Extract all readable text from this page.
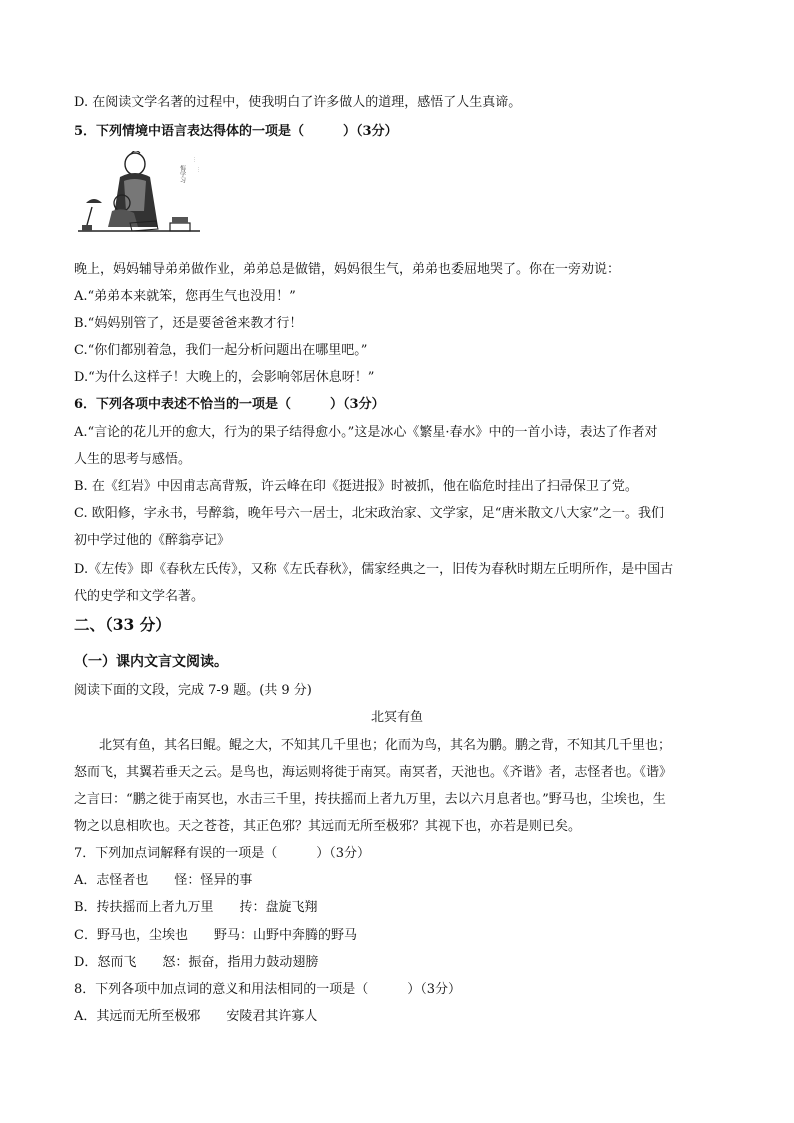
D. 在阅读文学名著的过程中，使我明白了许多做人的道理，感悟了人生真谛。
5．下列情境中语言表达得体的一项是（　　　）（3分）
悔学习
⋮
⋮
晚上，妈妈辅导弟弟做作业，弟弟总是做错，妈妈很生气，弟弟也委屈地哭了。你在一旁劝说：
A.“弟弟本来就笨，您再生气也没用！”
B.“妈妈别管了，还是要爸爸来教才行！
C.“你们都别着急，我们一起分析问题出在哪里吧。”
D.“为什么这样子！大晚上的，会影响邻居休息呀！”
6．下列各项中表述不恰当的一项是（　　　）（3分）
A.“言论的花儿开的愈大，行为的果子结得愈小。”这是冰心《繁星·春水》中的一首小诗，表达了作者对
人生的思考与感悟。
B. 在《红岩》中因甫志高背叛，许云峰在印《挺进报》时被抓，他在临危时挂出了扫帚保卫了党。
C. 欧阳修，字永书，号醉翁，晚年号六一居士，北宋政治家、文学家，足“唐米散文八大家”之一。我们
初中学过他的《醉翁亭记》
D.《左传》即《春秋左氏传》，又称《左氏春秋》，儒家经典之一，旧传为春秋时期左丘明所作，是中国古
代的史学和文学名著。
二、（33 分）
（一）课内文言文阅读。
阅读下面的文段，完成 7-9 题。(共 9 分)
北冥有鱼
北冥有鱼，其名曰鲲。鲲之大，不知其几千里也；化而为鸟，其名为鹏。鹏之背，不知其几千里也；
怒而飞，其翼若垂天之云。是鸟也，海运则将徙于南冥。南冥者，天池也。《齐谐》者，志怪者也。《谐》
之言曰：“鹏之徙于南冥也，水击三千里，抟扶摇而上者九万里，去以六月息者也。”野马也，尘埃也，生
物之以息相吹也。天之苍苍，其正色邪？其远而无所至极邪？其视下也，亦若是则已矣。
7．下列加点词解释有误的一项是（　　　）（3分）
A．志怪者也　　怪：怪异的事
B．抟扶摇而上者九万里　　抟：盘旋飞翔
C．野马也，尘埃也　　野马：山野中奔腾的野马
D．怒而飞　　怒：振奋，指用力鼓动翅膀
8．下列各项中加点词的意义和用法相同的一项是（　　　）（3分）
A．其远而无所至极邪　　安陵君其许寡人
